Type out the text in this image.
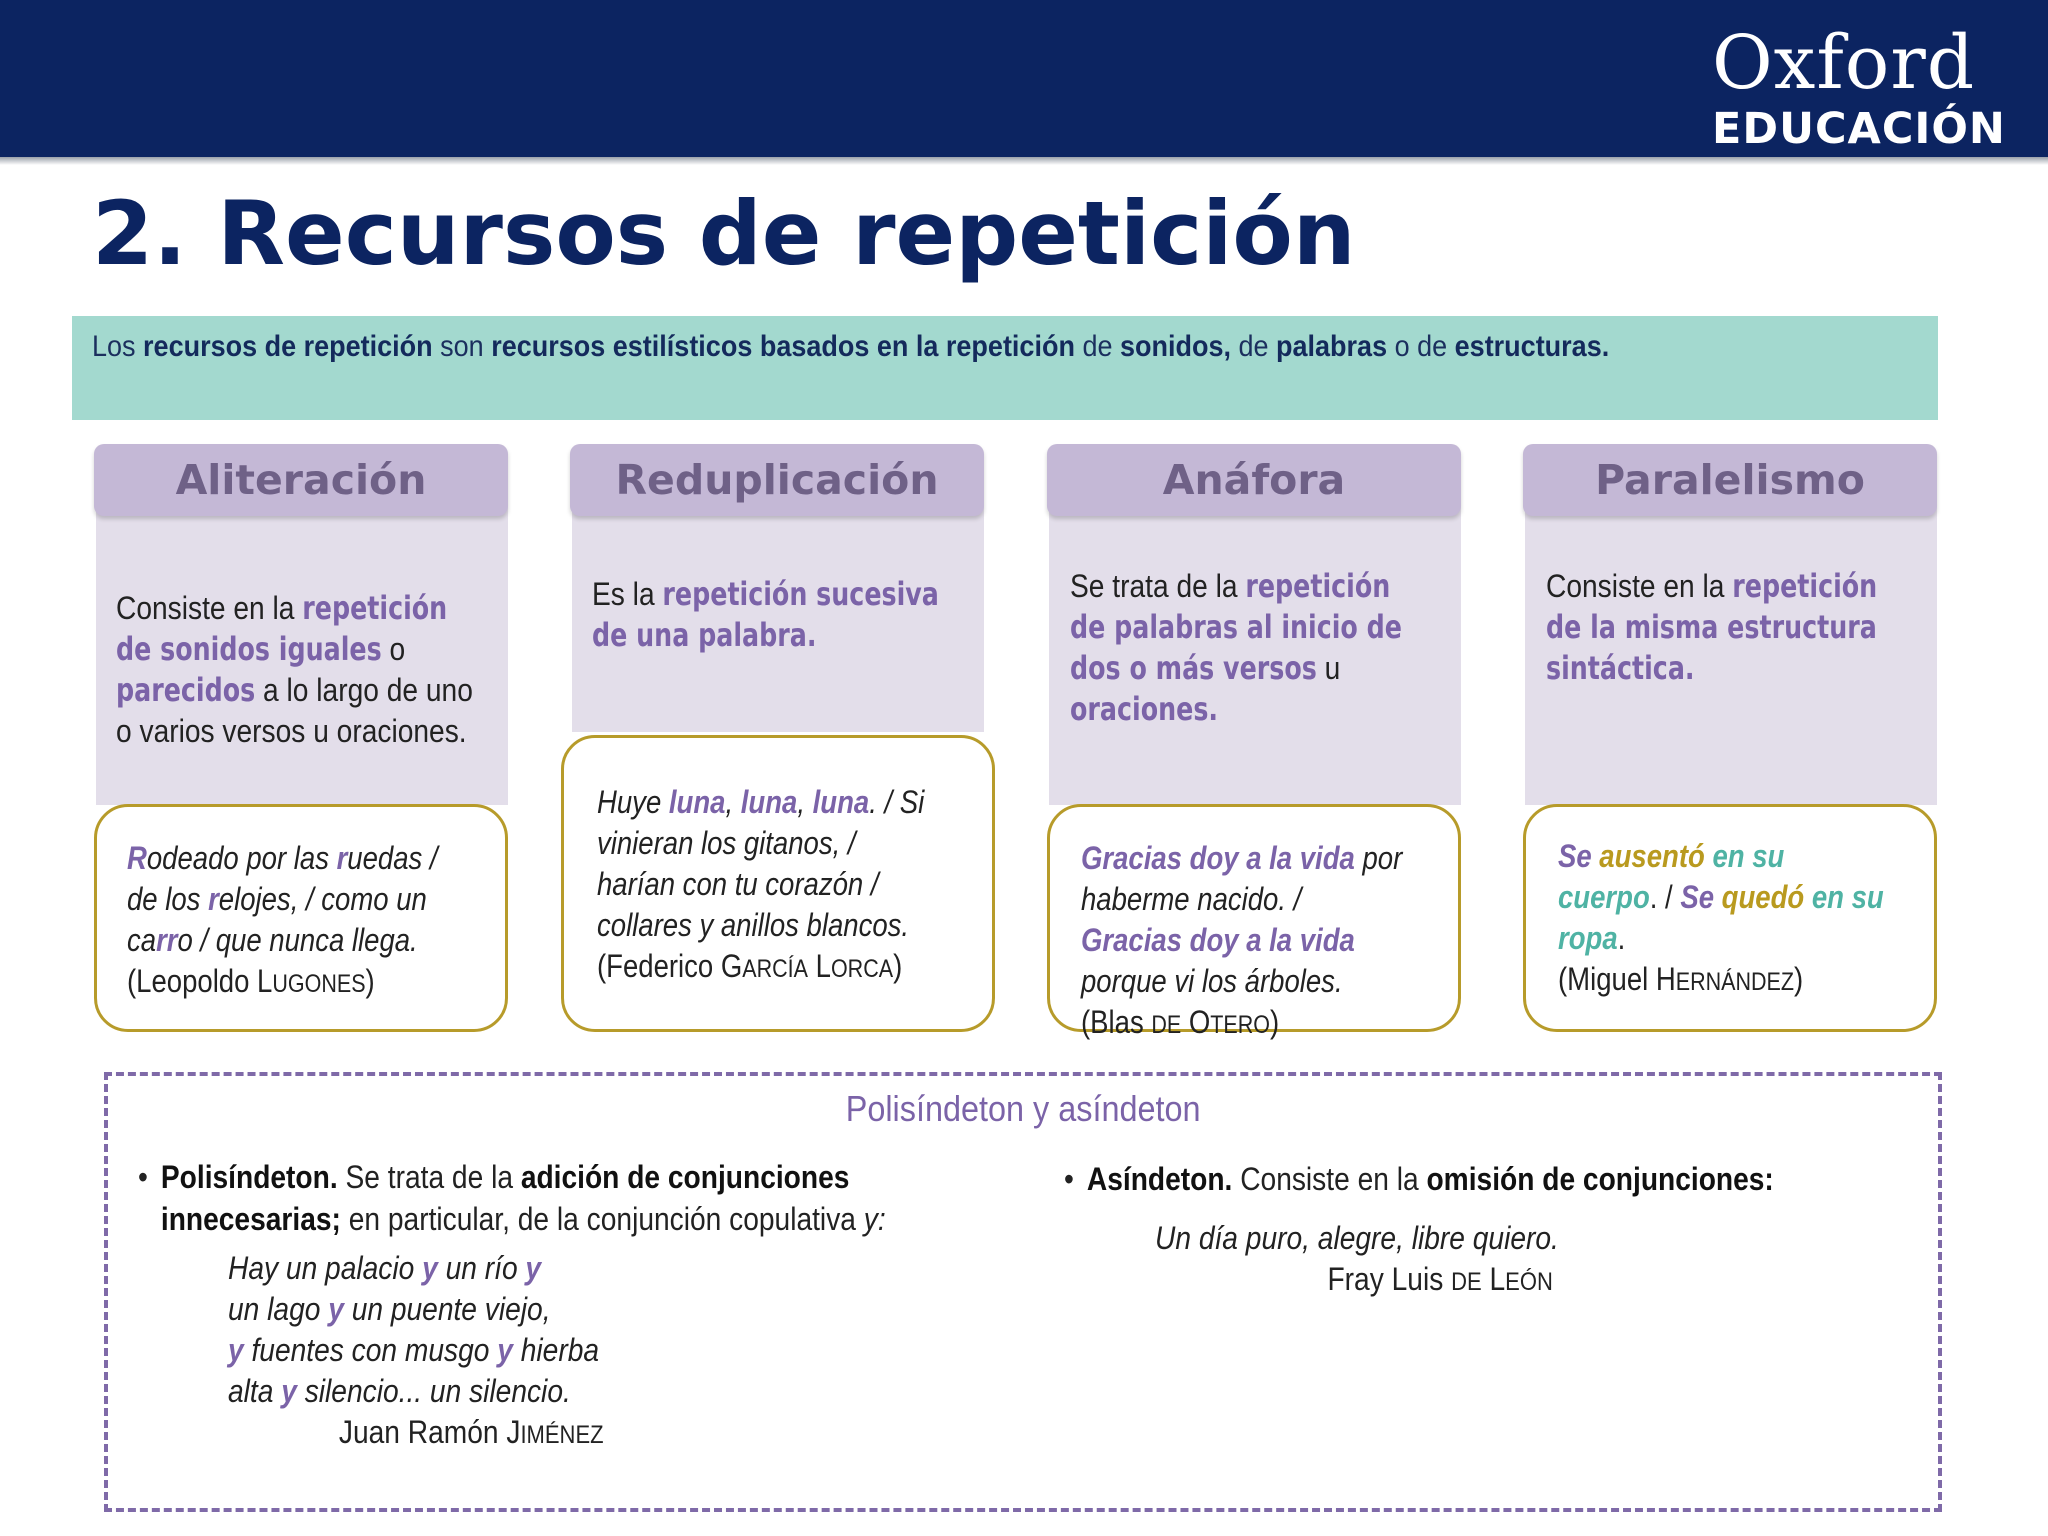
Oxford
EDUCACIÓN
2. Recursos de repetición
Los recursos de repetición son recursos estilísticos basados en la repetición de sonidos, de palabras o de estructuras.
Aliteración
Consiste en la repetición de sonidos iguales o parecidos a lo largo de uno o varios versos u oraciones.
Rodeado por las ruedas / de los relojes, / como un carro / que nunca llega. (Leopoldo LUGONES)
Reduplicación
Es la repetición sucesiva de una palabra.
Huye luna, luna, luna. / Si vinieran los gitanos, / harían con tu corazón / collares y anillos blancos. (Federico GARCÍA LORCA)
Anáfora
Se trata de la repetición de palabras al inicio de dos o más versos u oraciones.
Gracias doy a la vida por haberme nacido. / Gracias doy a la vida porque vi los árboles. (Blas DE OTERO)
Paralelismo
Consiste en la repetición de la misma estructura sintáctica.
Se ausentó en su cuerpo. / Se quedó en su ropa.
(Miguel HERNÁNDEZ)
Polisíndeton y asíndeton
• Polisíndeton. Se trata de la adición de conjunciones innecesarias; en particular, de la conjunción copulativa y:
Hay un palacio y un río y
un lago y un puente viejo,
y fuentes con musgo y hierba
alta y silencio... un silencio.
Juan Ramón JIMÉNEZ
• Asíndeton. Consiste en la omisión de conjunciones:
Un día puro, alegre, libre quiero.
Fray Luis DE LEÓN
